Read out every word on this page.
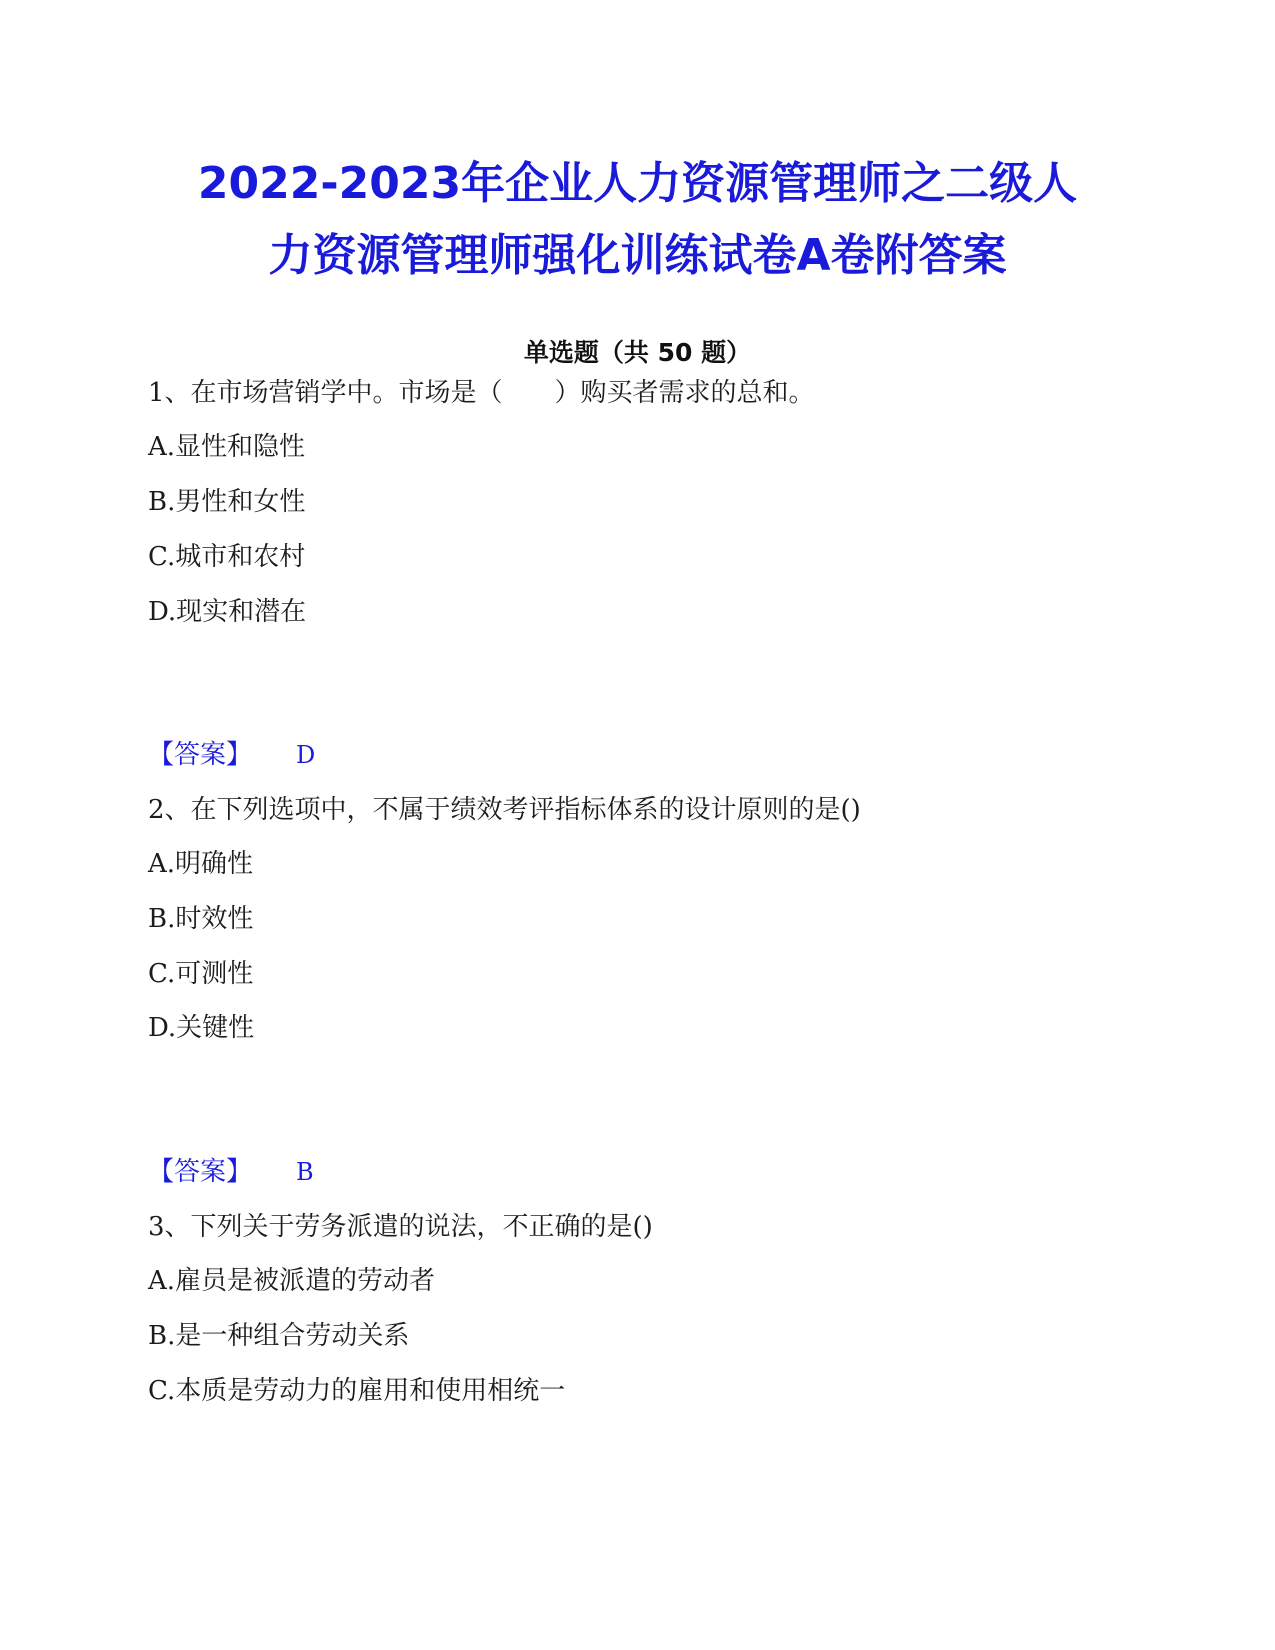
2022-2023年企业人力资源管理师之二级人
力资源管理师强化训练试卷A卷附答案
单选题（共 50 题）
1、在市场营销学中。市场是（　　）购买者需求的总和。
A.显性和隐性
B.男性和女性
C.城市和农村
D.现实和潜在
【答案】 D
2、在下列选项中，不属于绩效考评指标体系的设计原则的是()
A.明确性
B.时效性
C.可测性
D.关键性
【答案】 B
3、下列关于劳务派遣的说法，不正确的是()
A.雇员是被派遣的劳动者
B.是一种组合劳动关系
C.本质是劳动力的雇用和使用相统一
